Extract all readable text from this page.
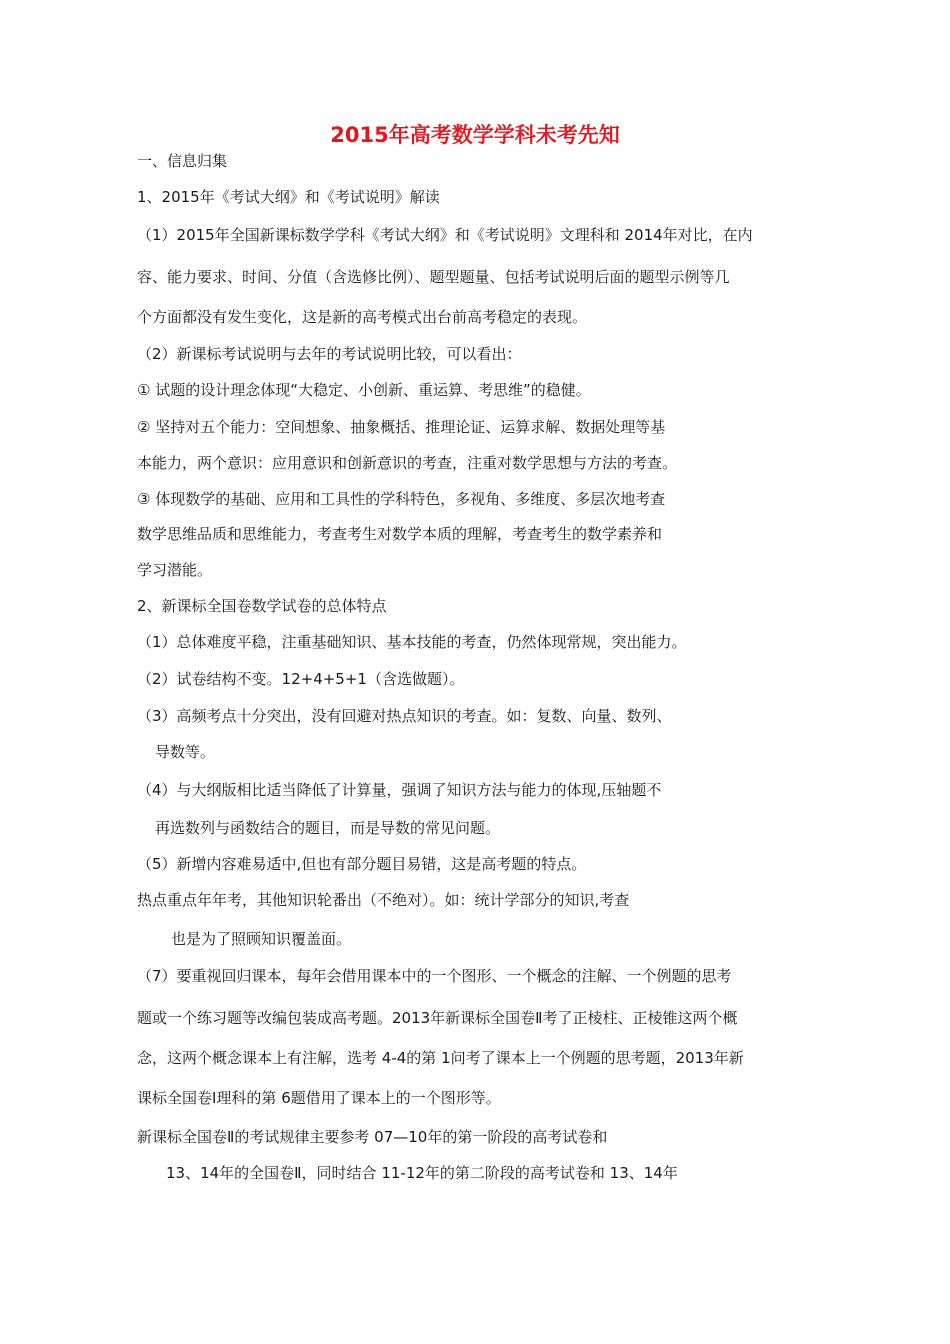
2015年高考数学学科未考先知
一、信息归集
1、2015年《考试大纲》和《考试说明》解读
（1）2015年全国新课标数学学科《考试大纲》和《考试说明》文理科和 2014年对比，在内
容、能力要求、时间、分值（含选修比例）、题型题量、包括考试说明后面的题型示例等几
个方面都没有发生变化，这是新的高考模式出台前高考稳定的表现。
（2）新课标考试说明与去年的考试说明比较，可以看出：
① 试题的设计理念体现“大稳定、小创新、重运算、考思维”的稳健。
② 坚持对五个能力：空间想象、抽象概括、推理论证、运算求解、数据处理等基
本能力，两个意识：应用意识和创新意识的考查，注重对数学思想与方法的考查。
③ 体现数学的基础、应用和工具性的学科特色，多视角、多维度、多层次地考查
数学思维品质和思维能力，考查考生对数学本质的理解，考查考生的数学素养和
学习潜能。
2、新课标全国卷数学试卷的总体特点
（1）总体难度平稳，注重基础知识、基本技能的考查，仍然体现常规，突出能力。
（2）试卷结构不变。12+4+5+1（含选做题）。
（3）高频考点十分突出，没有回避对热点知识的考查。如：复数、向量、数列、
导数等。
（4）与大纲版相比适当降低了计算量，强调了知识方法与能力的体现,压轴题不
再选数列与函数结合的题目，而是导数的常见问题。
（5）新增内容难易适中,但也有部分题目易错，这是高考题的特点。
热点重点年年考，其他知识轮番出（不绝对）。如：统计学部分的知识,考查
也是为了照顾知识覆盖面。
（7）要重视回归课本，每年会借用课本中的一个图形、一个概念的注解、一个例题的思考
题或一个练习题等改编包装成高考题。2013年新课标全国卷Ⅱ考了正棱柱、正棱锥这两个概
念，这两个概念课本上有注解，选考 4-4的第 1问考了课本上一个例题的思考题，2013年新
课标全国卷Ⅰ理科的第 6题借用了课本上的一个图形等。
新课标全国卷Ⅱ的考试规律主要参考 07—10年的第一阶段的高考试卷和
13、14年的全国卷Ⅱ，同时结合 11-12年的第二阶段的高考试卷和 13、14年
